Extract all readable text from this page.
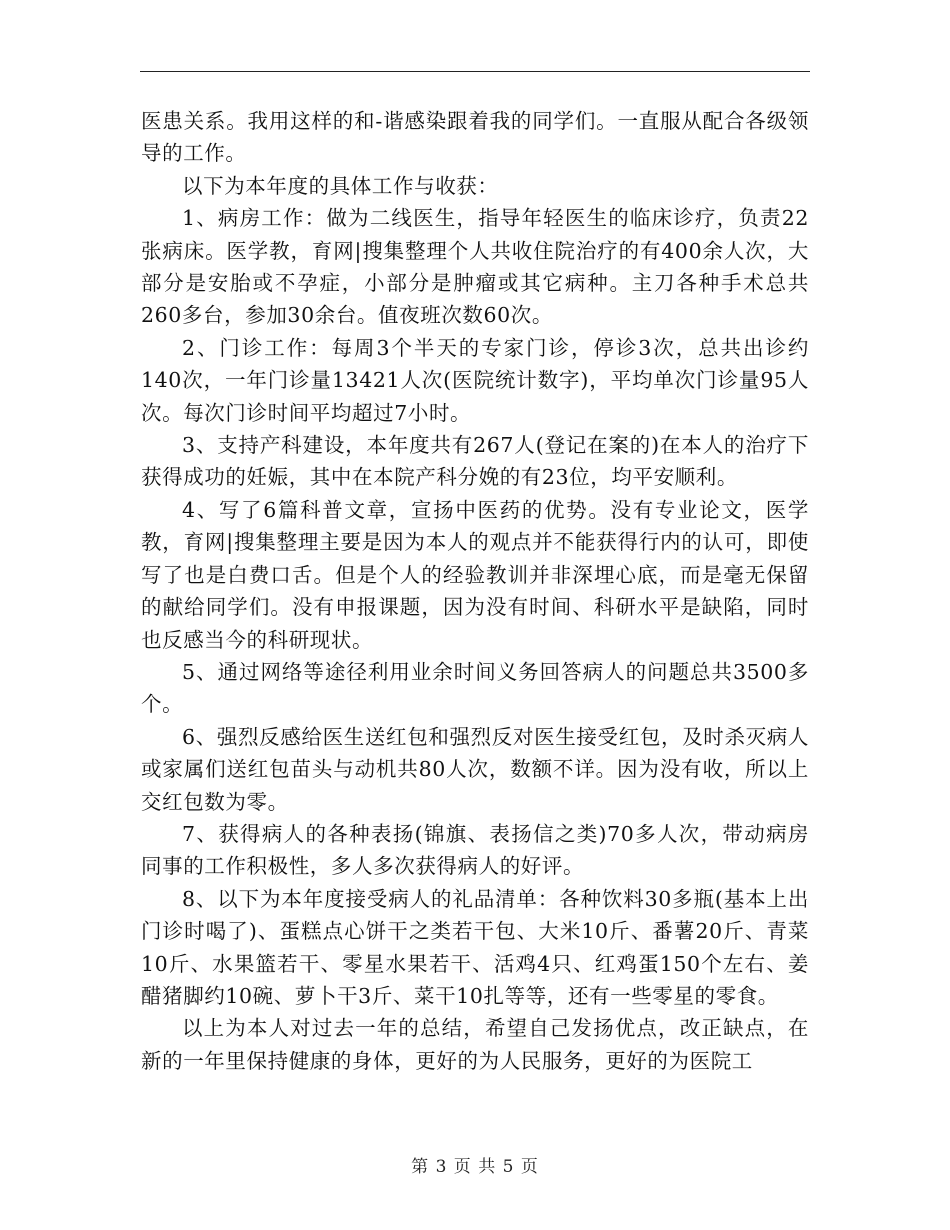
医患关系。我用这样的和-谐感染跟着我的同学们。一直服从配合各级领导的工作。

以下为本年度的具体工作与收获：

1、病房工作：做为二线医生，指导年轻医生的临床诊疗，负责22张病床。医学教，育网|搜集整理个人共收住院治疗的有400余人次，大部分是安胎或不孕症，小部分是肿瘤或其它病种。主刀各种手术总共260多台，参加30余台。值夜班次数60次。

2、门诊工作：每周3个半天的专家门诊，停诊3次，总共出诊约140次，一年门诊量13421人次(医院统计数字)，平均单次门诊量95人次。每次门诊时间平均超过7小时。

3、支持产科建设，本年度共有267人(登记在案的)在本人的治疗下获得成功的妊娠，其中在本院产科分娩的有23位，均平安顺利。

4、写了6篇科普文章，宣扬中医药的优势。没有专业论文，医学教，育网|搜集整理主要是因为本人的观点并不能获得行内的认可，即使写了也是白费口舌。但是个人的经验教训并非深埋心底，而是毫无保留的献给同学们。没有申报课题，因为没有时间、科研水平是缺陷，同时也反感当今的科研现状。

5、通过网络等途径利用业余时间义务回答病人的问题总共3500多个。

6、强烈反感给医生送红包和强烈反对医生接受红包，及时杀灭病人或家属们送红包苗头与动机共80人次，数额不详。因为没有收，所以上交红包数为零。

7、获得病人的各种表扬(锦旗、表扬信之类)70多人次，带动病房同事的工作积极性，多人多次获得病人的好评。

8、以下为本年度接受病人的礼品清单：各种饮料30多瓶(基本上出门诊时喝了)、蛋糕点心饼干之类若干包、大米10斤、番薯20斤、青菜10斤、水果篮若干、零星水果若干、活鸡4只、红鸡蛋150个左右、姜醋猪脚约10碗、萝卜干3斤、菜干10扎等等，还有一些零星的零食。

以上为本人对过去一年的总结，希望自己发扬优点，改正缺点，在新的一年里保持健康的身体，更好的为人民服务，更好的为医院工

第 3 页 共 5 页
